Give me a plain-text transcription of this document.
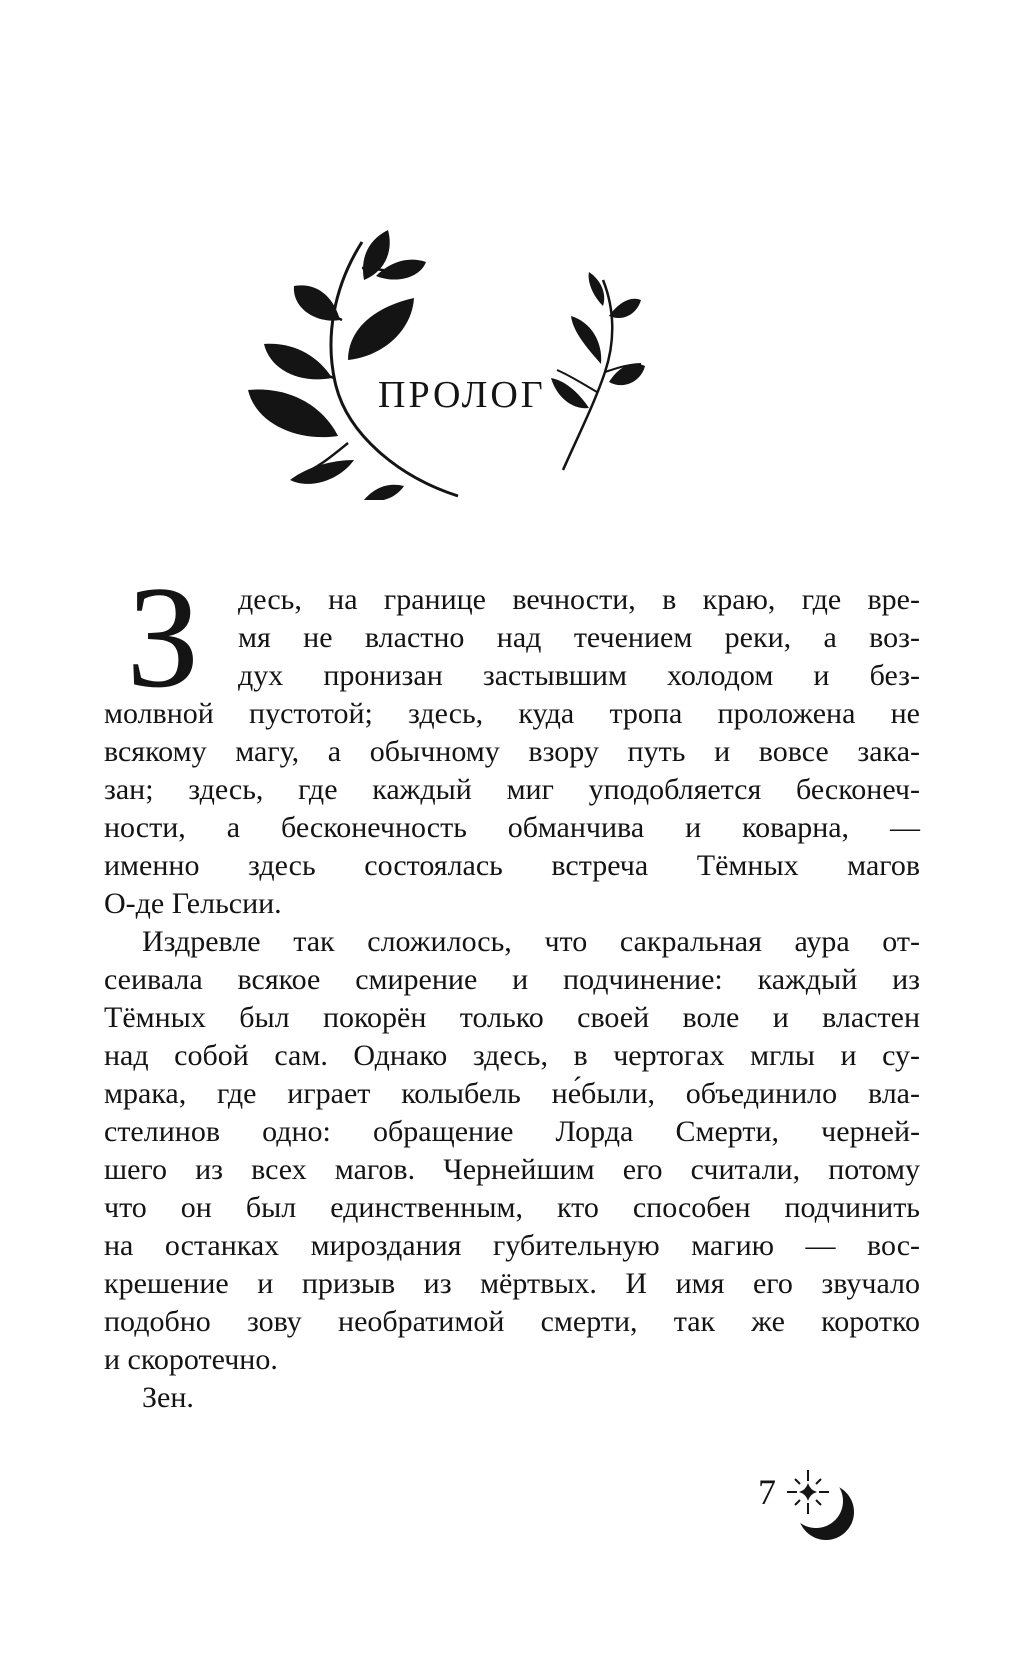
ПРОЛОГ
З	десь, на границе вечности, в краю, где вре-
мя не властно над течением реки, а воз-
дух пронизан застывшим холодом и без-
молвной пустотой; здесь, куда тропа проложена не
всякому магу, а обычному взору путь и вовсе зака-
зан; здесь, где каждый миг уподобляется бесконеч-
ности, а бесконечность обманчива и коварна, —
именно здесь состоялась встреча Тёмных магов
О-де Гельсии.
Издревле так сложилось, что сакральная аура от-
сеивала всякое смирение и подчинение: каждый из
Тёмных был покорён только своей воле и властен
над собой сам. Однако здесь, в чертогах мглы и су-
мрака, где играет колыбель не́были, объединило вла-
стелинов одно: обращение Лорда Смерти, черней-
шего из всех магов. Чернейшим его считали, потому
что он был единственным, кто способен подчинить
на останках мироздания губительную магию — вос-
крешение и призыв из мёртвых. И имя его звучало
подобно зову необратимой смерти, так же коротко
и скоротечно.
Зен.
7
